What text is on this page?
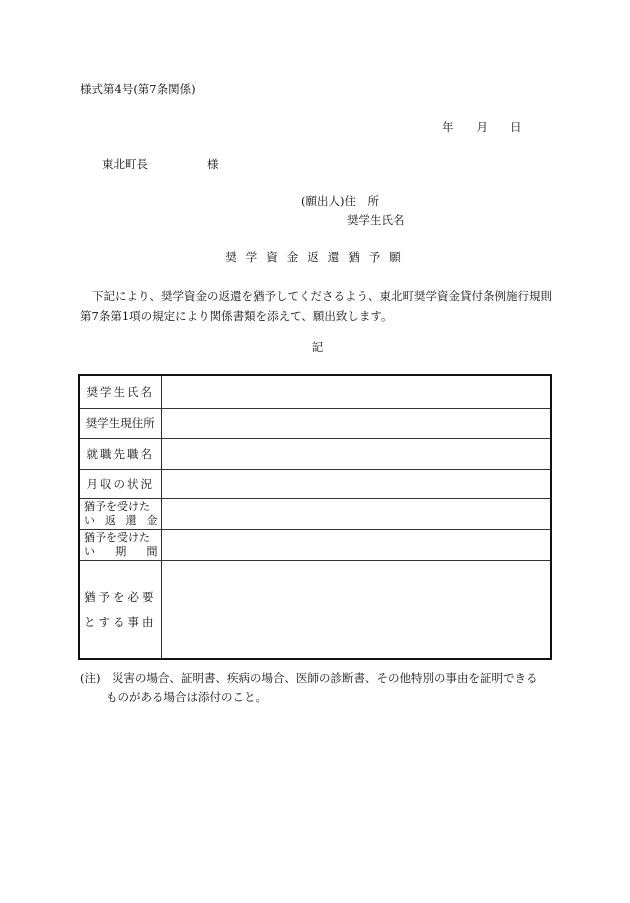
様式第4号(第7条関係)
年 月 日
東北町長	様
(願出人)住　所
奨学生氏名
奨学資金返還猶予願
下記により、奨学資金の返還を猶予してくださるよう、東北町奨学資金貸付条例施行規則第7条第1項の規定により関係書類を添えて、願出致します。
記
奨学生氏名	
奨学生現住所	
就職先職名	
月収の状況	

猶予を受けた
い 返 還 金	

猶予を受けた
い 期 間	

猶予を必要
とする事由	

(注)　 災害の場合、証明書、疾病の場合、医師の診断書、その他特別の事由を証明できる
ものがある場合は添付のこと。
